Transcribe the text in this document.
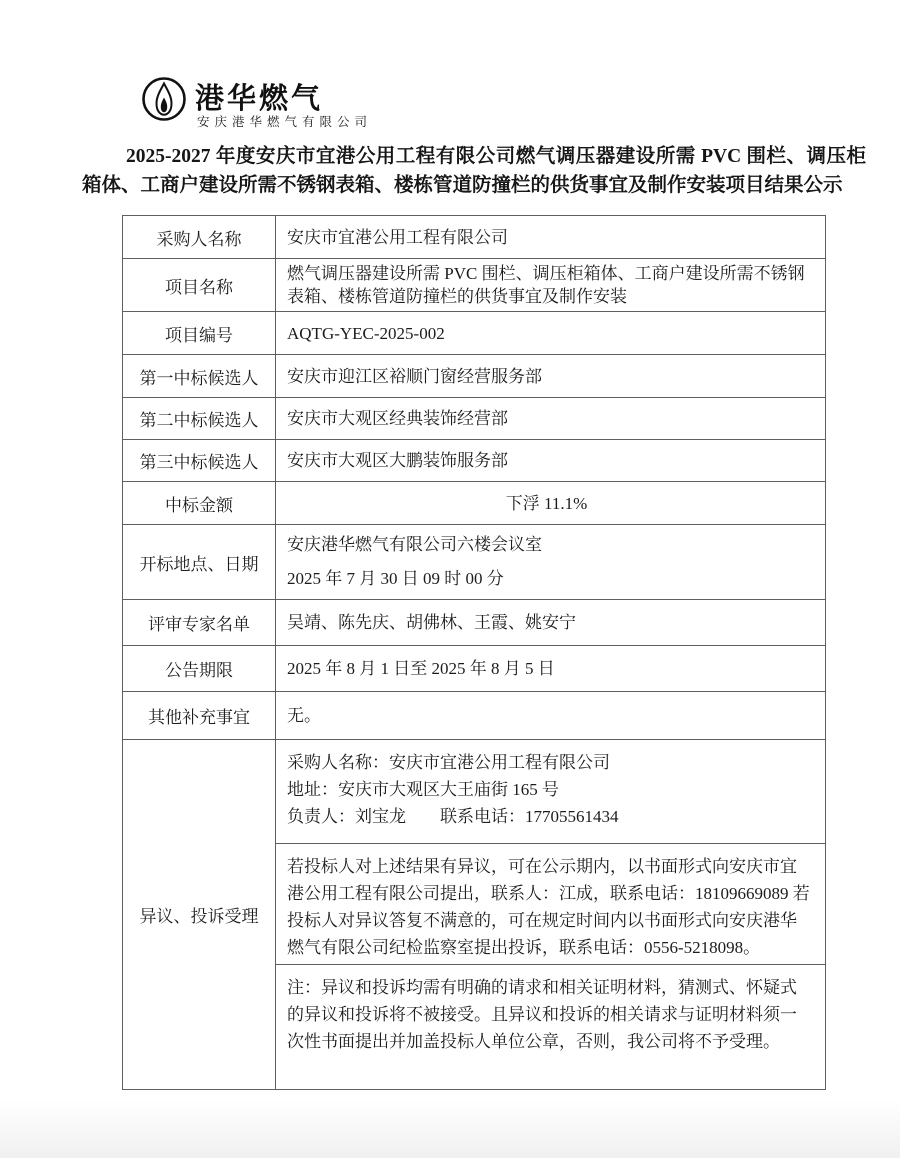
港华燃气
安庆港华燃气有限公司
2025-2027 年度安庆市宜港公用工程有限公司燃气调压器建设所需 PVC 围栏、调压柜箱体、工商户建设所需不锈钢表箱、楼栋管道防撞栏的供货事宜及制作安装项目结果公示
采购人名称	安庆市宜港公用工程有限公司
项目名称	燃气调压器建设所需 PVC 围栏、调压柜箱体、工商户建设所需不锈钢表箱、楼栋管道防撞栏的供货事宜及制作安装
项目编号	AQTG-YEC-2025-002
第一中标候选人	安庆市迎江区裕顺门窗经营服务部
第二中标候选人	安庆市大观区经典装饰经营部
第三中标候选人	安庆市大观区大鹏装饰服务部
中标金额	下浮 11.1%
开标地点、日期	安庆港华燃气有限公司六楼会议室
2025 年 7 月 30 日 09 时 00 分

评审专家名单	吴靖、陈先庆、胡佛林、王霞、姚安宁
公告期限	2025 年 8 月 1 日至 2025 年 8 月 5 日
其他补充事宜	无。
异议、投诉受理	采购人名称：安庆市宜港公用工程有限公司
地址：安庆市大观区大王庙街 165 号
负责人：刘宝龙　　联系电话：17705561434

	若投标人对上述结果有异议，可在公示期内，以书面形式向安庆市宜港公用工程有限公司提出，联系人：江成，联系电话：18109669089 若投标人对异议答复不满意的，可在规定时间内以书面形式向安庆港华燃气有限公司纪检监察室提出投诉，联系电话：0556-5218098。
	注：异议和投诉均需有明确的请求和相关证明材料，猜测式、怀疑式的异议和投诉将不被接受。且异议和投诉的相关请求与证明材料须一次性书面提出并加盖投标人单位公章，否则，我公司将不予受理。
